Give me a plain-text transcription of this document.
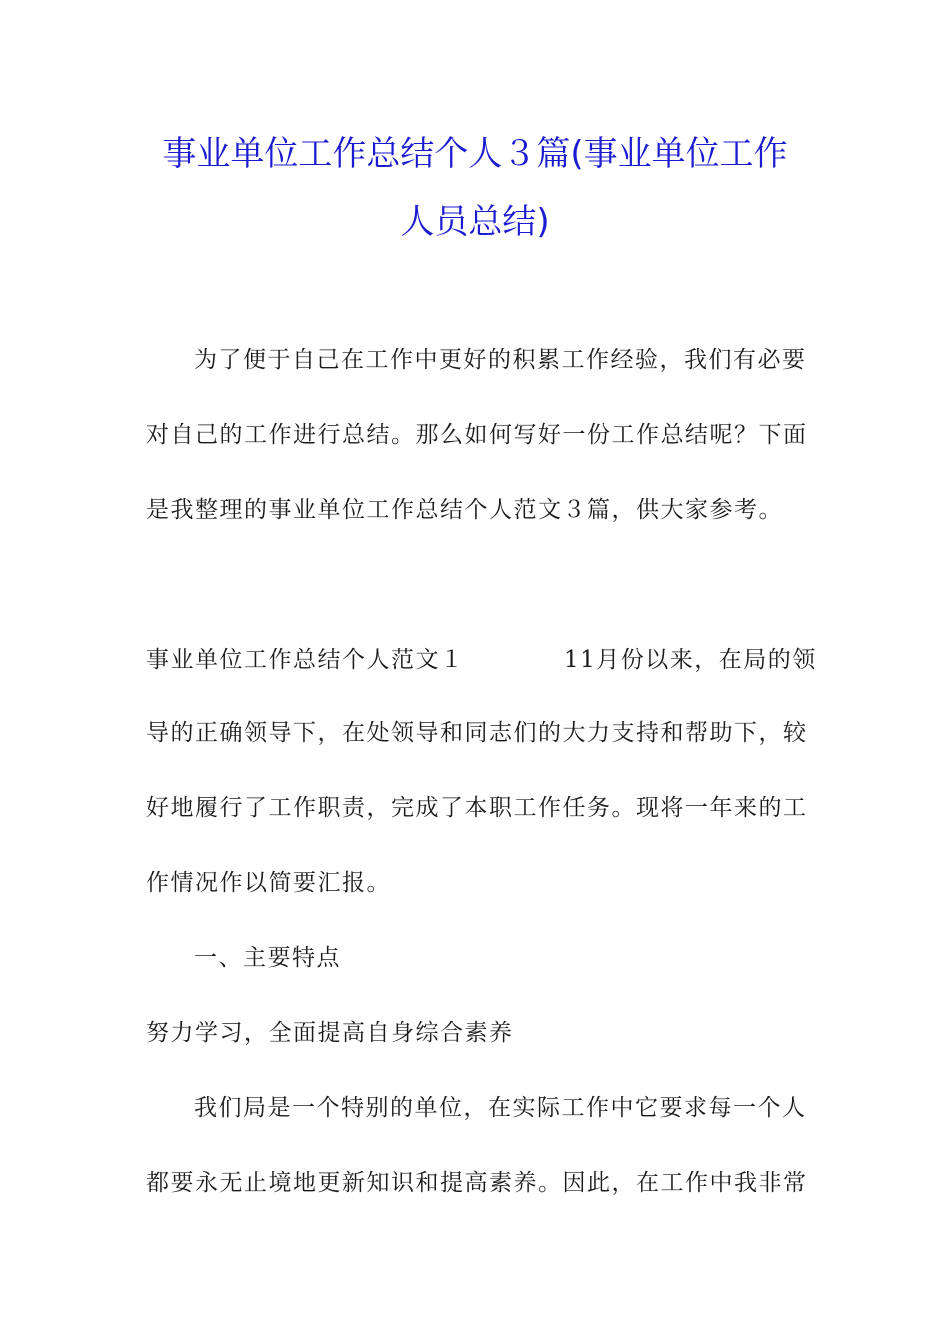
事业单位工作总结个人３篇(事业单位工作
人员总结)
为了便于自己在工作中更好的积累工作经验，我们有必要
对自己的工作进行总结。那么如何写好一份工作总结呢？下面
是我整理的事业单位工作总结个人范文３篇，供大家参考。
事业单位工作总结个人范文１	11月份以来，在局的领
导的正确领导下，在处领导和同志们的大力支持和帮助下，较
好地履行了工作职责，完成了本职工作任务。现将一年来的工
作情况作以简要汇报。
一、主要特点
努力学习，全面提高自身综合素养
我们局是一个特别的单位，在实际工作中它要求每一个人
都要永无止境地更新知识和提高素养。因此，在工作中我非常
